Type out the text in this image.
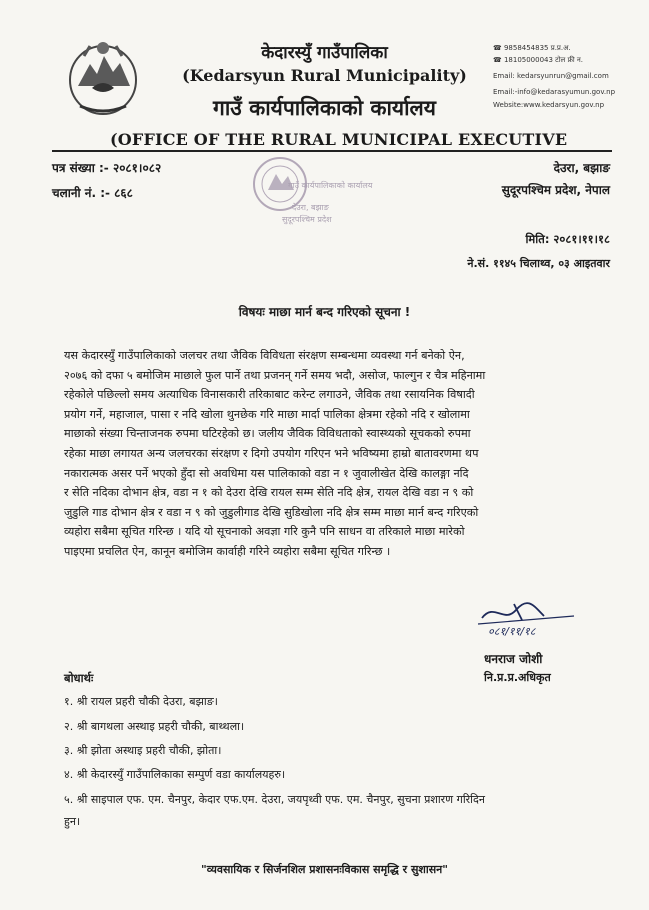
केदारस्युँ गाउँपालिका
(Kedarsyun Rural Municipality)
गाउँ कार्यपालिकाको कार्यालय
(OFFICE OF THE RURAL MUNICIPAL EXECUTIVE
☎ 9858454835 प्र.प्र.अ.
☎ 18105000043 टोल फ्री न.
Email: kedarsyunrun@gmail.com
Email:-info@kedarasyumun.gov.np
Website:www.kedarsyun.gov.np
पत्र संख्या :- २०८१।०८२
चलानी नं. :- ८६८
देउरा, बझाङ
सुदूरपश्चिम प्रदेश, नेपाल
गाउँ कार्यपालिकाको कार्यालय
देउरा, बझाङ
सुदूरपश्चिम प्रदेश
मिति: २०८१।११।१८
ने.सं. ११४५ चिलाथ्व, ०३ आइतवार
विषयः माछा मार्न बन्द गरिएको सूचना !
यस केदारस्युँ गाउँपालिकाको जलचर तथा जैविक विविधता संरक्षण सम्बन्धमा व्यवस्था गर्न बनेको ऐन,
२०७६ को दफा ५ बमोजिम माछाले फुल पार्ने तथा प्रजनन् गर्ने समय भदौ, असोज, फाल्गुन र चैत्र महिनामा
रहेकोले पछिल्लो समय अत्याधिक विनासकारी तरिकाबाट करेन्ट लगाउने, जैविक तथा रसायनिक विषादी
प्रयोग गर्ने, महाजाल, पासा र नदि खोला थुनछेक गरि माछा मार्दा पालिका क्षेत्रमा रहेको नदि र खोलामा
माछाको संख्या चिन्ताजनक रुपमा घटिरहेको छ। जलीय जैविक विविधताको स्वास्थ्यको सूचकको रुपमा
रहेका माछा लगायत अन्य जलचरका संरक्षण र दिगो उपयोग गरिएन भने भविष्यमा हाम्रो बातावरणमा थप
नकारात्मक असर पर्ने भएको हुँदा सो अवधिमा यस पालिकाको वडा न १ जुवालीखेत देखि कालङ्गा नदि
र सेति नदिका दोभान क्षेत्र, वडा न १ को देउरा देखि रायल सम्म सेति नदि क्षेत्र, रायल देखि वडा न ९ को
जुडुलि गाड दोभान क्षेत्र र वडा न ९ को जुडुलीगाड देखि सुडिखोला नदि क्षेत्र सम्म माछा मार्न बन्द गरिएको
व्यहोरा सबैमा सूचित गरिन्छ । यदि यो सूचनाको अवज्ञा गरि कुनै पनि साधन वा तरिकाले माछा मारेको
पाइएमा प्रचलित ऐन, कानून बमोजिम कार्वाही गरिने व्यहोरा सबैमा सूचित गरिन्छ ।
०८१/११/१८
धनराज जोशी
नि.प्र.प्र.अधिकृत
बोधार्थः
१. श्री रायल प्रहरी चौकी देउरा, बझाङ।
२. श्री बागथला अस्थाइ प्रहरी चौकी, बाथ्थला।
३. श्री झोता अस्थाइ प्रहरी चौकी, झोता।
४. श्री केदारस्युँ गाउँपालिकाका सम्पुर्ण वडा कार्यालयहरु।
५. श्री साइपाल एफ. एम. चैनपुर, केदार एफ.एम. देउरा, जयपृथ्वी एफ. एम. चैनपुर, सुचना प्रशारण गरिदिन
हुन।
"व्यवसायिक र सिर्जनशिल प्रशासनःविकास समृद्धि र सुशासन"
